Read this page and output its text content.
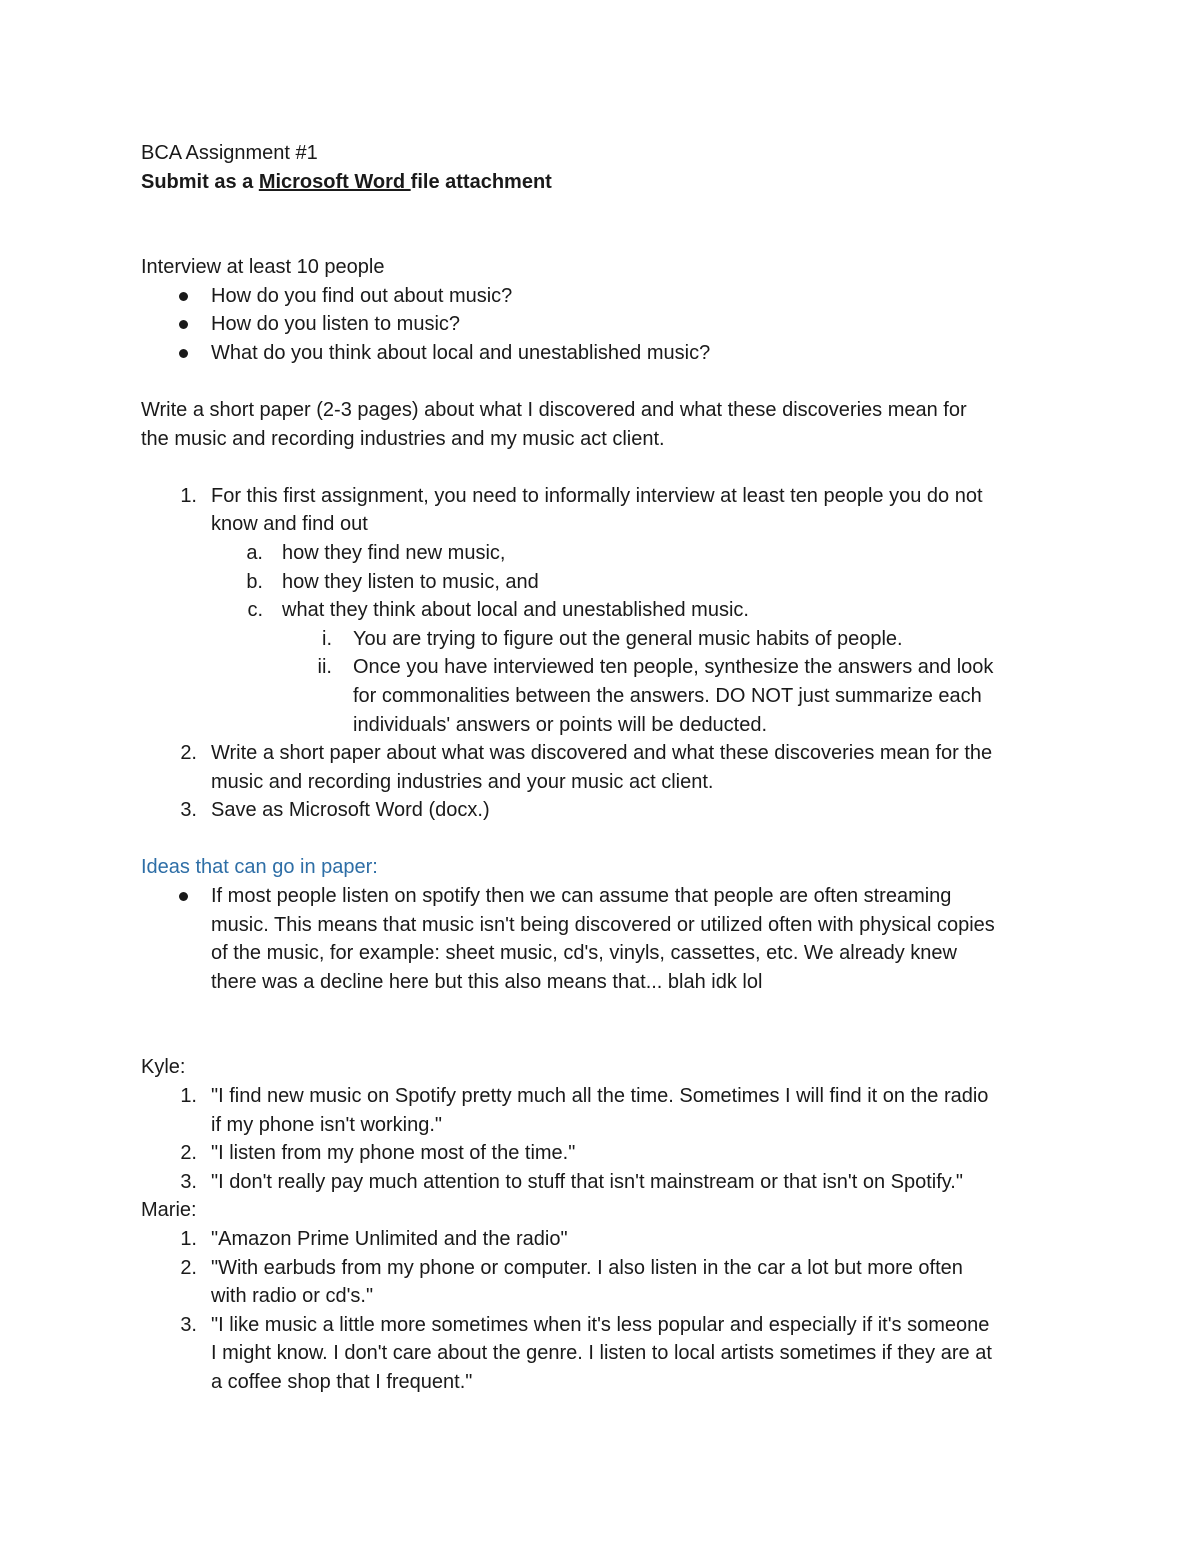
BCA Assignment #1
Submit as a Microsoft Word file attachment
Interview at least 10 people
How do you find out about music?
How do you listen to music?
What do you think about local and unestablished music?
Write a short paper (2-3 pages) about what I discovered and what these discoveries mean for
the music and recording industries and my music act client.
1. For this first assignment, you need to informally interview at least ten people you do not
know and find out
a. how they find new music,
b. how they listen to music, and
c. what they think about local and unestablished music.
i. You are trying to figure out the general music habits of people.
ii. Once you have interviewed ten people, synthesize the answers and look
for commonalities between the answers. DO NOT just summarize each
individuals' answers or points will be deducted.
2. Write a short paper about what was discovered and what these discoveries mean for the
music and recording industries and your music act client.
3. Save as Microsoft Word (docx.)
Ideas that can go in paper:
If most people listen on spotify then we can assume that people are often streaming
music. This means that music isn't being discovered or utilized often with physical copies
of the music, for example: sheet music, cd's, vinyls, cassettes, etc. We already knew
there was a decline here but this also means that... blah idk lol
Kyle:
1. "I find new music on Spotify pretty much all the time. Sometimes I will find it on the radio
if my phone isn't working."
2. "I listen from my phone most of the time."
3. "I don't really pay much attention to stuff that isn't mainstream or that isn't on Spotify."
Marie:
1. "Amazon Prime Unlimited and the radio"
2. "With earbuds from my phone or computer. I also listen in the car a lot but more often
with radio or cd's."
3. "I like music a little more sometimes when it's less popular and especially if it's someone
I might know. I don't care about the genre. I listen to local artists sometimes if they are at
a coffee shop that I frequent."
